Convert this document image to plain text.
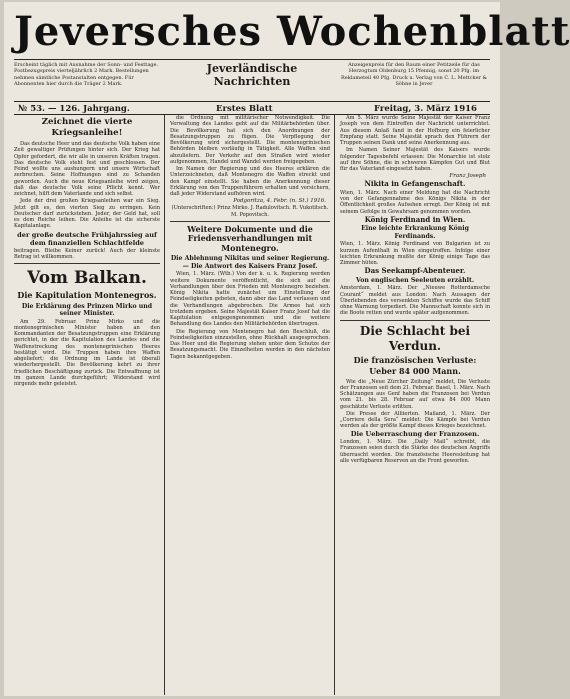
Jeversches Wochenblatt
Erscheint täglich mit Ausnahme der Sonn- und Festtage. Postbezugspreis vierteljährlich 2 Mark. Bestellungen nehmen sämtliche Postanstalten entgegen. Für Abonnenten hier durch die Träger 2 Mark.
Jeverländische
Nachrichten
Anzeigenpreis für den Raum einer Petitzeile für das Herzogtum Oldenburg 15 Pfennig, sonst 20 Pfg. im Reklameteil 40 Pfg. Druck u. Verlag von C. L. Mettcker & Söhne in Jever
№ 53. — 126. Jahrgang.	Erstes Blatt	Freitag, 3. März 1916
Zeichnet die vierte Kriegsanleihe!

Das deutsche Heer und das deutsche Volk haben eine Zeit gewaltiger Prüfungen hinter sich. Der Krieg hat Opfer gefordert, die wir alle in unseren Kräften tragen. Das deutsche Volk steht fest und geschlossen. Der Feind wollte uns aushungern und unsere Wirtschaft zerbrechen. Seine Hoffnungen sind zu Schanden geworden. Auch die neue Kriegsanleihe wird zeigen, daß das deutsche Volk seine Pflicht kennt. Wer zeichnet, hilft dem Vaterlande und sich selbst.

Jede der drei großen Kriegsanleihen war ein Sieg. Jetzt gilt es, den vierten Sieg zu erringen. Kein Deutscher darf zurückstehen. Jeder, der Geld hat, soll es dem Reiche leihen. Die Anleihe ist die sicherste Kapitalanlage.

der große deutsche Frühjahrssieg auf dem finanziellen Schlachtfelde
beitragen. Bleibe Keiner zurück! Auch der kleinste Betrag ist willkommen.
Vom Balkan.
Die Kapitulation Montenegros.
Die Erklärung des Prinzen Mirko und seiner Minister.

Am 29. Februar. Prinz Mirko und die montenegrinischen Minister haben an den Kommandanten der Besatzungstruppen eine Erklärung gerichtet, in der die Kapitulation des Landes und die Waffenstreckung des montenegrinischen Heeres bestätigt wird. Die Truppen haben ihre Waffen abgeliefert; die Ordnung im Lande ist überall wiederhergestellt. Die Bevölkerung kehrt zu ihrer friedlichen Beschäftigung zurück. Die Entwaffnung ist im ganzen Lande durchgeführt; Widerstand wird nirgends mehr geleistet.

die Ordnung mit militärischer Notwendigkeit. Die Verwaltung des Landes geht auf die Militärbehörden über. Die Bevölkerung hat sich den Anordnungen der Besatzungstruppen zu fügen. Die Verpflegung der Bevölkerung wird sichergestellt. Die montenegrinischen Behörden bleiben vorläufig in Tätigkeit. Alle Waffen sind abzuliefern. Der Verkehr auf den Straßen wird wieder aufgenommen, Handel und Wandel werden freigegeben.

Im Namen der Regierung und des Heeres erklären die Unterzeichneten, daß Montenegro die Waffen streckt und den Kampf einstellt. Sie haben die Anerkennung dieser Erklärung von den Truppenführern erhalten und versichern, daß jeder Widerstand aufhören wird.

Podgoritza, 4. Febr. (n. St.) 1916.
(Unterschriften:) Prinz Mirko. J. Radulovitsch. R. Vukotitsch. M. Popovitsch.
Weitere Dokumente und die Friedensverhandlungen mit Montenegro.
Die Ablehnung Nikitas und seiner Regierung. — Die Antwort des Kaisers Franz Josef.

Wien, 1. März. (Wtb.) Von der k. u. k. Regierung werden weitere Dokumente veröffentlicht, die sich auf die Verhandlungen über den Frieden mit Montenegro beziehen. König Nikita hatte zunächst um Einstellung der Feindseligkeiten gebeten, dann aber das Land verlassen und die Verhandlungen abgebrochen. Die Armee hat sich trotzdem ergeben. Seine Majestät Kaiser Franz Josef hat die Kapitulation entgegengenommen und die weitere Behandlung des Landes den Militärbehörden übertragen.

Die Regierung von Montenegro hat den Beschluß, die Feindseligkeiten einzustellen, ohne Rückhalt ausgesprochen. Das Heer und die Regierung stehen unter dem Schutze der Besatzungsmacht. Die Einzelheiten werden in den nächsten Tagen bekanntgegeben.

Am 5. März wurde Seine Majestät der Kaiser Franz Joseph von dem Eintreffen der Nachricht unterrichtet. Aus diesem Anlaß fand in der Hofburg ein feierlicher Empfang statt. Seine Majestät sprach den Führern der Truppen seinen Dank und seine Anerkennung aus.

Im Namen Seiner Majestät des Kaisers wurde folgender Tagesbefehl erlassen: Die Monarchie ist stolz auf ihre Söhne, die in schweren Kämpfen Gut und Blut für das Vaterland eingesetzt haben.

Franz Joseph
Nikita in Gefangenschaft.
Wien, 1. März. Nach einer Meldung hat die Nachricht von der Gefangennahme des Königs Nikita in der Öffentlichkeit großes Aufsehen erregt. Der König ist mit seinem Gefolge in Gewahrsam genommen worden.
König Ferdinand in Wien.
Eine leichte Erkrankung König Ferdinands.
Wien, 1. März. König Ferdinand von Bulgarien ist zu kurzem Aufenthalt in Wien eingetroffen. Infolge einer leichten Erkrankung mußte der König einige Tage das Zimmer hüten.
Das Seekampf-Abenteuer.
Von englischen Seeleuten erzählt.
Amsterdam, 1. März. Der „Nieuwe Rotterdamsche Courant“ meldet aus London: Nach Aussagen der Überlebenden des versenkten Schiffes wurde das Schiff ohne Warnung torpediert. Die Mannschaft konnte sich in die Boote retten und wurde später aufgenommen.
Die Schlacht bei Verdun.
Die französischen Verluste:
Ueber 84 000 Mann.

Wie die „Neue Zürcher Zeitung“ meldet, Die Verluste der Franzosen seit dem 21. Februar. Basel, 1. März. Nach Schätzungen aus Genf haben die Franzosen bei Verdun vom 21. bis 28. Februar auf etwa 84 000 Mann geschätzte Verluste erlitten.

Die Presse der Alliierten. Mailand, 1. März. Der „Corriere della Sera“ meldet: Die Kämpfe bei Verdun werden als der größte Kampf dieses Krieges bezeichnet.

Die Ueberraschung der Franzosen.
London, 1. März. Die „Daily Mail“ schreibt, die Franzosen seien durch die Stärke des deutschen Angriffs überrascht worden. Die französische Heeresleitung hat alle verfügbaren Reserven an die Front geworfen.
